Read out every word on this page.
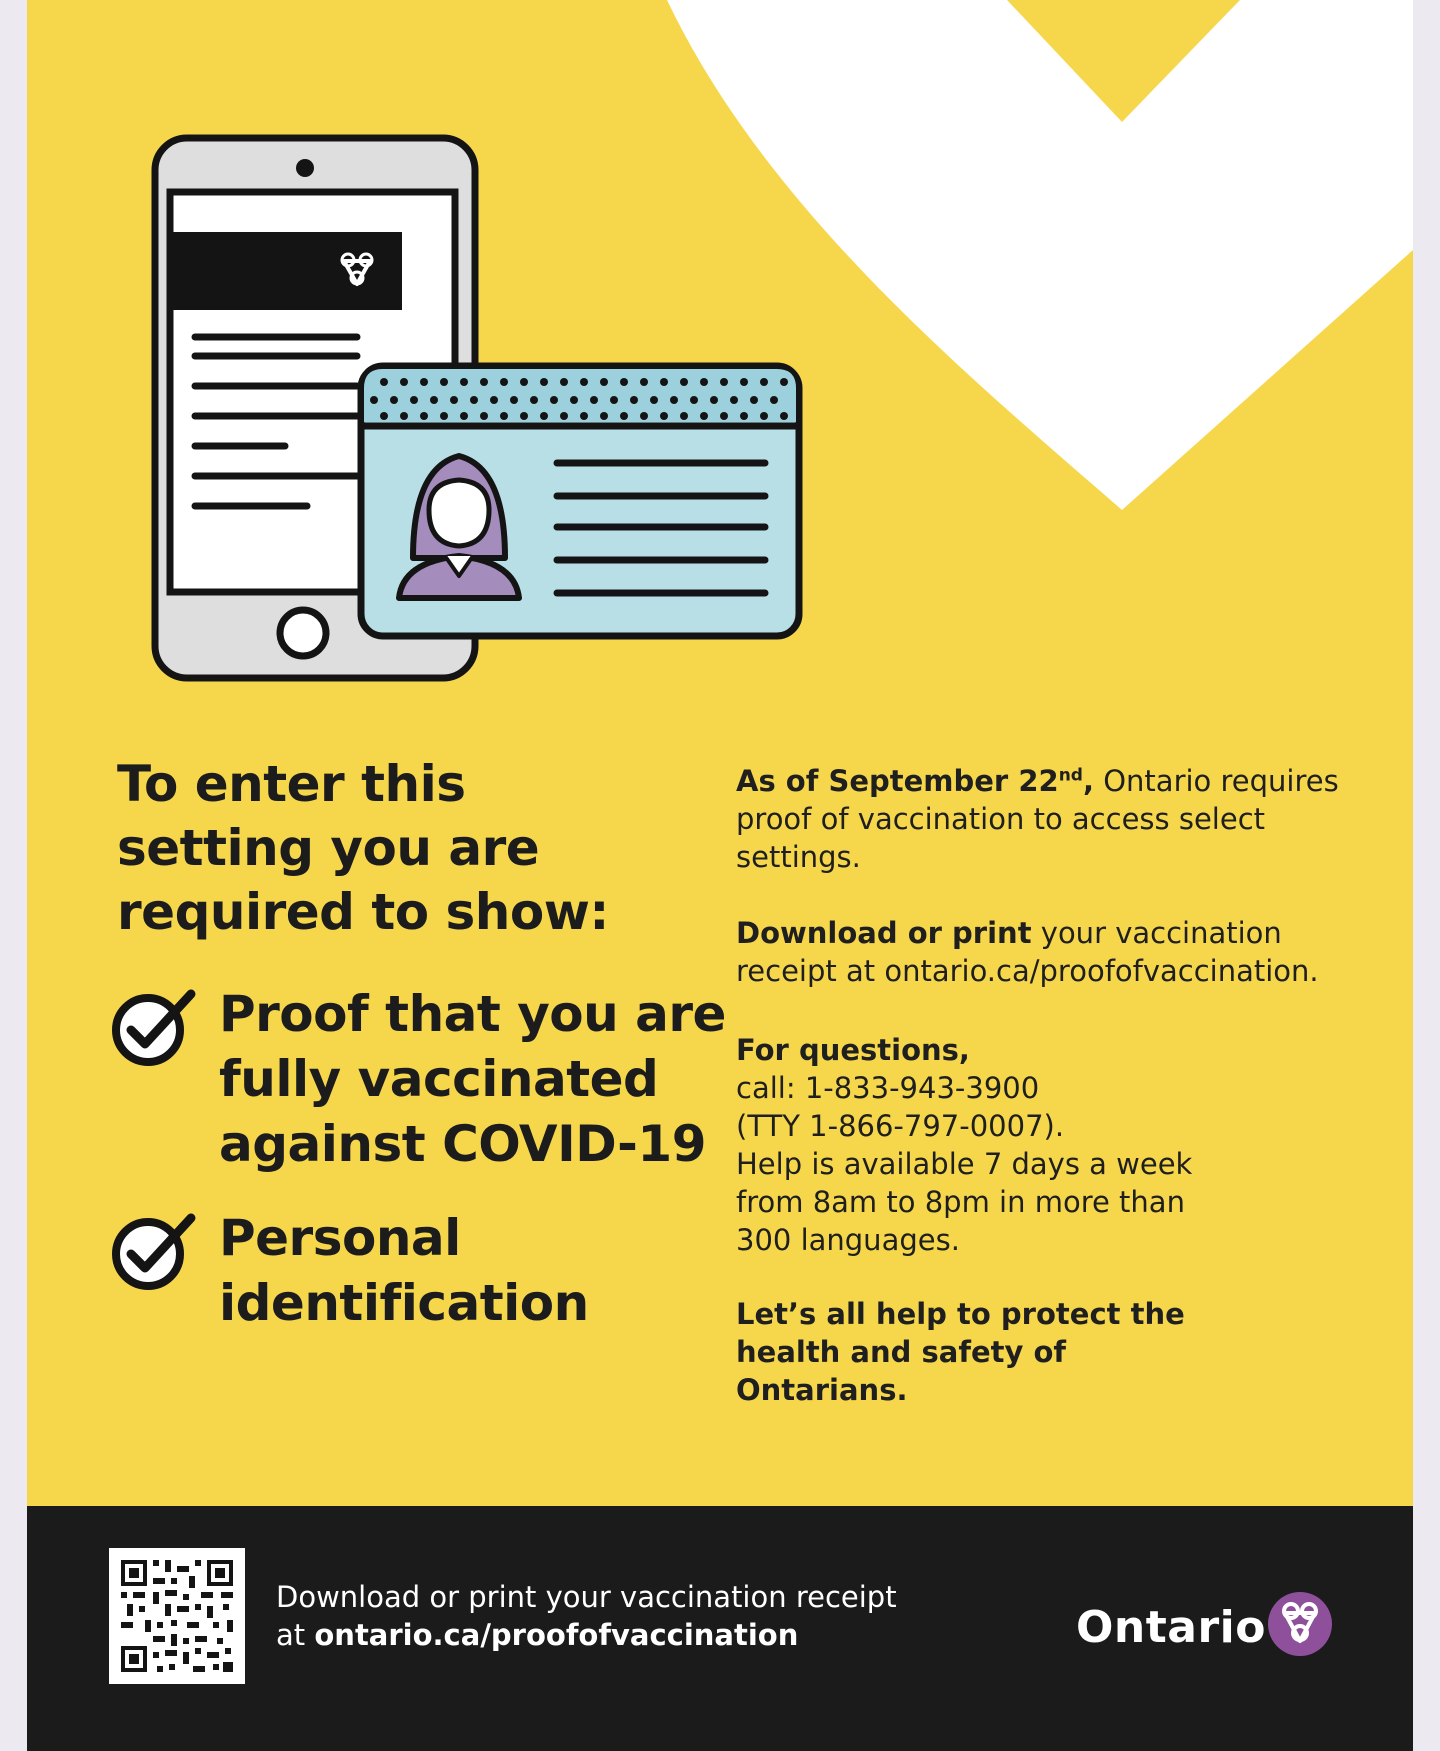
To enter this setting you are required to show:
Proof that you are fully vaccinated against COVID-19
Personal identification
As of September 22nd, Ontario requires proof of vaccination to access select settings.
Download or print your vaccination receipt at ontario.ca/proofofvaccination.
For questions,
call: 1-833-943-3900
(TTY 1-866-797-0007).
Help is available 7 days a week from 8am to 8pm in more than 300 languages.
Let’s all help to protect the health and safety of Ontarians.
Download or print your vaccination receipt
at ontario.ca/proofofvaccination	Ontario
